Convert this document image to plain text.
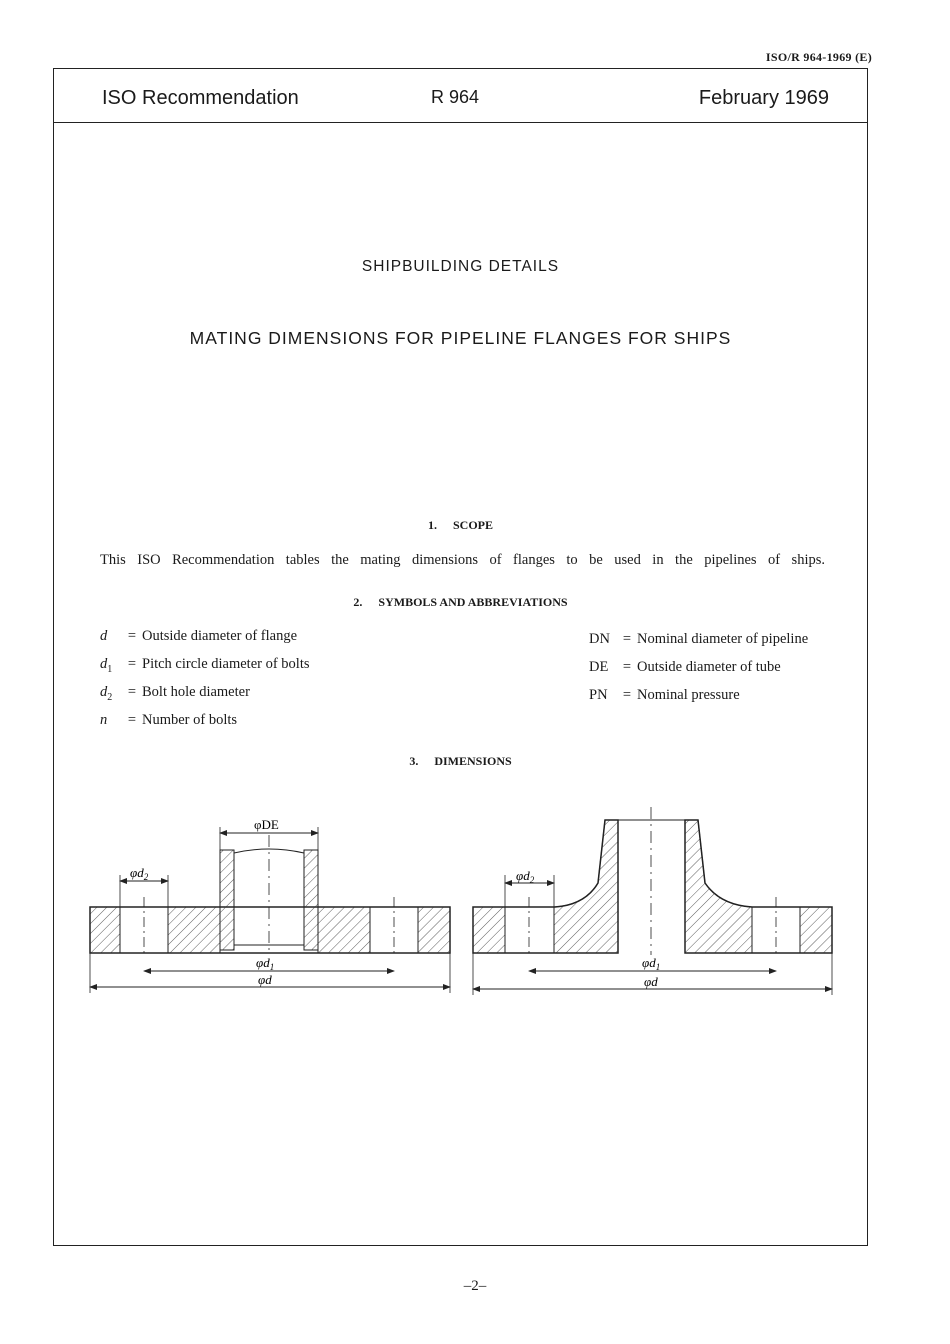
ISO/R 964-1969 (E)
ISO Recommendation	R 964	February 1969
SHIPBUILDING DETAILS
MATING DIMENSIONS FOR PIPELINE FLANGES FOR SHIPS
1. SCOPE
This ISO Recommendation tables the mating dimensions of flanges to be used in the pipelines of ships.
2. SYMBOLS AND ABBREVIATIONS
d = Outside diameter of flange
$d_1$ = Pitch circle diameter of bolts
$d_2$ = Bolt hole diameter
n = Number of bolts
DN = Nominal diameter of pipeline
DE = Outside diameter of tube
PN = Nominal pressure
3. DIMENSIONS
φDE
$\varphi d_2$
$\varphi d_1$
φd
$\varphi d_2$
$\varphi d_1$
φd
–2–
